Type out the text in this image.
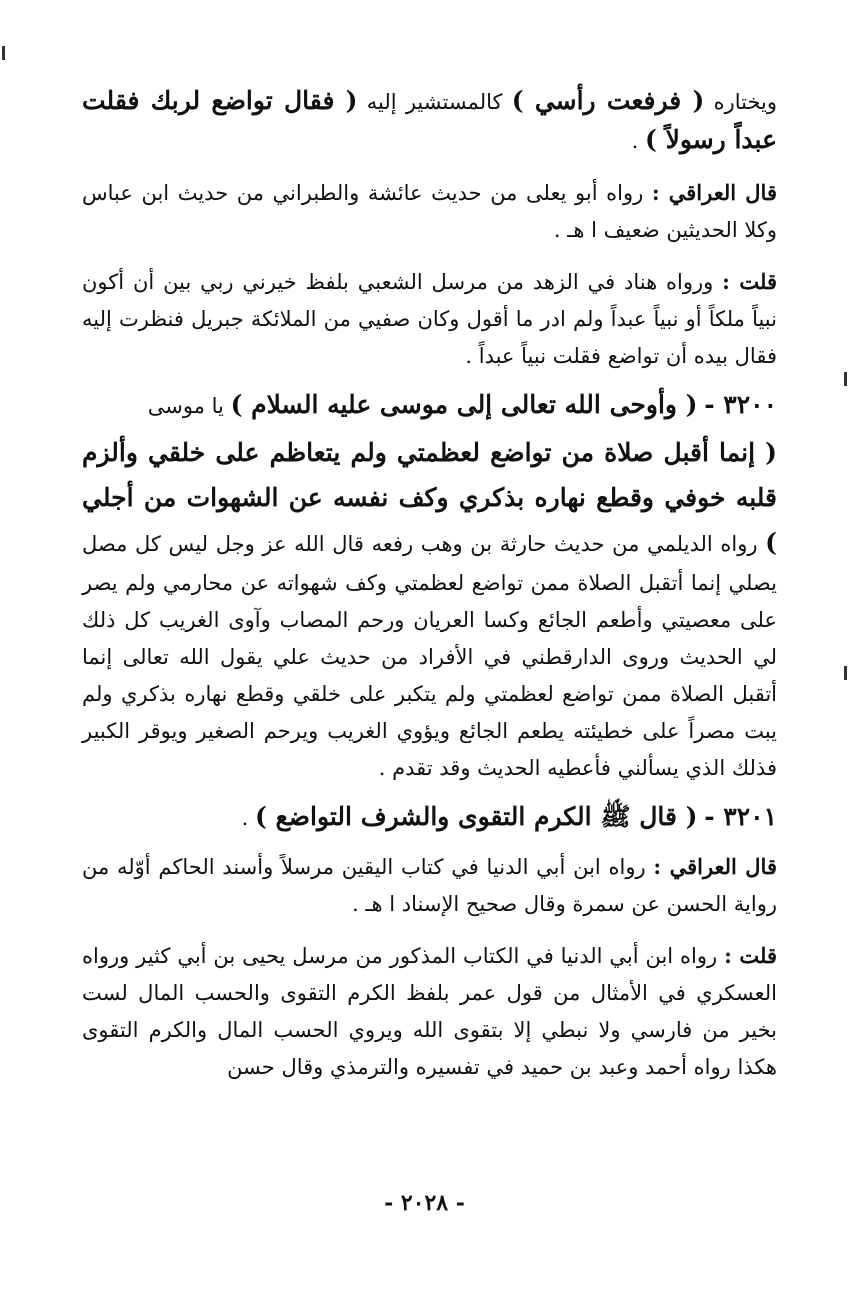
ويختاره ( فرفعت رأسي ) كالمستشير إليه ( فقال تواضع لربك فقلت عبداً رسولاً ) .

قال العراقي : رواه أبو يعلى من حديث عائشة والطبراني من حديث ابن عباس وكلا الحديثين ضعيف ا هـ .

قلت : ورواه هناد في الزهد من مرسل الشعبي بلفظ خيرني ربي بين أن أكون نبياً ملكاً أو نبياً عبداً ولم ادر ما أقول وكان صفيي من الملائكة جبريل فنظرت إليه فقال بيده أن تواضع فقلت نبياً عبداً .

٣٢٠٠ - ( وأوحى الله تعالى إلى موسى عليه السلام ) يا موسى

( إنما أقبل صلاة من تواضع لعظمتي ولم يتعاظم على خلقي وألزم قلبه خوفي وقطع نهاره بذكري وكف نفسه عن الشهوات من أجلي ) رواه الديلمي من حديث حارثة بن وهب رفعه قال الله عز وجل ليس كل مصل يصلي إنما أتقبل الصلاة ممن تواضع لعظمتي وكف شهواته عن محارمي ولم يصر على معصيتي وأطعم الجائع وكسا العريان ورحم المصاب وآوى الغريب كل ذلك لي الحديث وروى الدارقطني في الأفراد من حديث علي يقول الله تعالى إنما أتقبل الصلاة ممن تواضع لعظمتي ولم يتكبر على خلقي وقطع نهاره بذكري ولم يبت مصراً على خطيئته يطعم الجائع ويؤوي الغريب ويرحم الصغير ويوقر الكبير فذلك الذي يسألني فأعطيه الحديث وقد تقدم .

٣٢٠١ - ( قال ﷺ الكرم التقوى والشرف التواضع ) .

قال العراقي : رواه ابن أبي الدنيا في كتاب اليقين مرسلاً وأسند الحاكم أوّله من رواية الحسن عن سمرة وقال صحيح الإسناد ا هـ .

قلت : رواه ابن أبي الدنيا في الكتاب المذكور من مرسل يحيى بن أبي كثير ورواه العسكري في الأمثال من قول عمر بلفظ الكرم التقوى والحسب المال لست بخير من فارسي ولا نبطي إلا بتقوى الله ويروي الحسب المال والكرم التقوى هكذا رواه أحمد وعبد بن حميد في تفسيره والترمذي وقال حسن

- ٢٠٢٨ -
